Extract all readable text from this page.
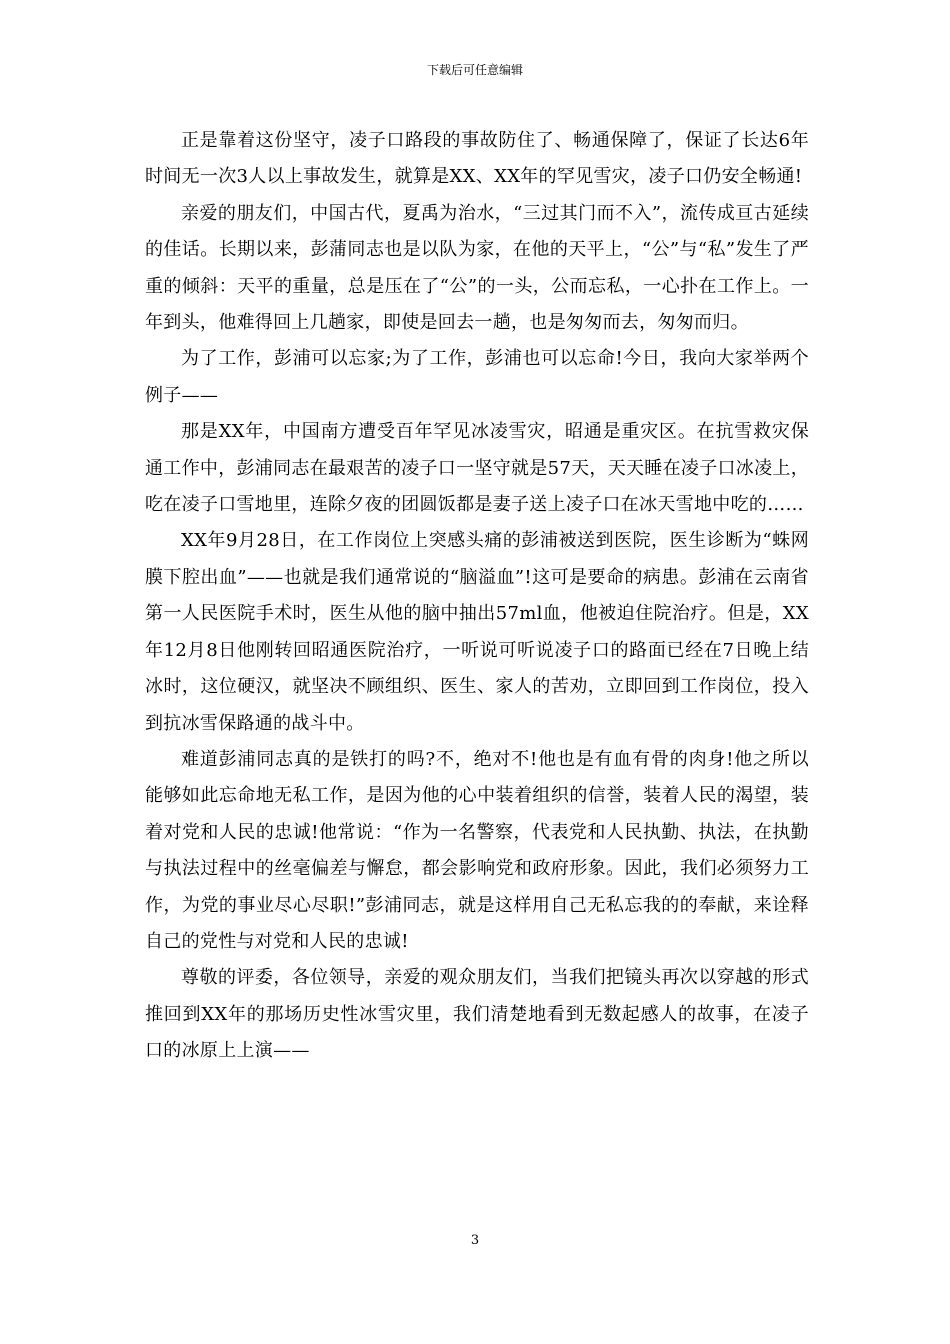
下载后可任意编辑

正是靠着这份坚守，凌子口路段的事故防住了、畅通保障了，保证了长达6年时间无一次3人以上事故发生，就算是XX、XX年的罕见雪灾，凌子口仍安全畅通!

亲爱的朋友们，中国古代，夏禹为治水，“三过其门而不入”，流传成亘古延续的佳话。长期以来，彭蒲同志也是以队为家，在他的天平上，“公”与“私”发生了严重的倾斜：天平的重量，总是压在了“公”的一头，公而忘私，一心扑在工作上。一年到头，他难得回上几趟家，即使是回去一趟，也是匆匆而去，匆匆而归。

为了工作，彭浦可以忘家;为了工作，彭浦也可以忘命!今日，我向大家举两个例子——

那是XX年，中国南方遭受百年罕见冰凌雪灾，昭通是重灾区。在抗雪救灾保通工作中，彭浦同志在最艰苦的凌子口一坚守就是57天，天天睡在凌子口冰凌上，吃在凌子口雪地里，连除夕夜的团圆饭都是妻子送上凌子口在冰天雪地中吃的……

XX年9月28日，在工作岗位上突感头痛的彭浦被送到医院，医生诊断为“蛛网膜下腔出血”——也就是我们通常说的“脑溢血”!这可是要命的病患。彭浦在云南省第一人民医院手术时，医生从他的脑中抽出57ml血，他被迫住院治疗。但是，XX年12月8日他刚转回昭通医院治疗，一听说可听说凌子口的路面已经在7日晚上结冰时，这位硬汉，就坚决不顾组织、医生、家人的苦劝，立即回到工作岗位，投入到抗冰雪保路通的战斗中。

难道彭浦同志真的是铁打的吗?不，绝对不!他也是有血有骨的肉身!他之所以能够如此忘命地无私工作，是因为他的心中装着组织的信誉，装着人民的渴望，装着对党和人民的忠诚!他常说：“作为一名警察，代表党和人民执勤、执法，在执勤与执法过程中的丝毫偏差与懈怠，都会影响党和政府形象。因此，我们必须努力工作，为党的事业尽心尽职!”彭浦同志，就是这样用自己无私忘我的的奉献，来诠释自己的党性与对党和人民的忠诚!

尊敬的评委，各位领导，亲爱的观众朋友们，当我们把镜头再次以穿越的形式推回到XX年的那场历史性冰雪灾里，我们清楚地看到无数起感人的故事，在凌子口的冰原上上演——

3
